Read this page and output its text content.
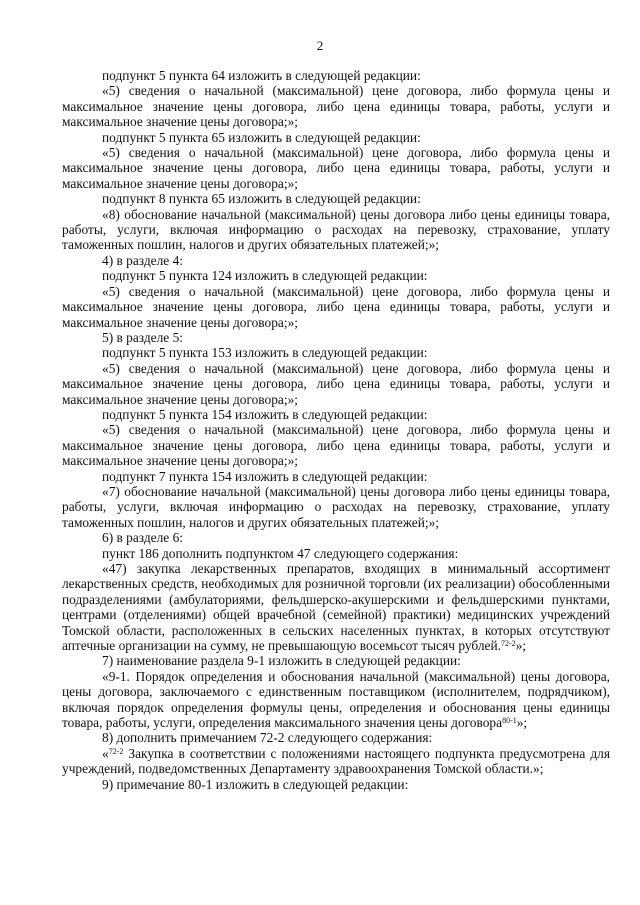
2

подпункт 5 пункта 64 изложить в следующей редакции:

«5) сведения о начальной (максимальной) цене договора, либо формула цены и максимальное значение цены договора, либо цена единицы товара, работы, услуги и максимальное значение цены договора;»;

подпункт 5 пункта 65 изложить в следующей редакции:

«5) сведения о начальной (максимальной) цене договора, либо формула цены и максимальное значение цены договора, либо цена единицы товара, работы, услуги и максимальное значение цены договора;»;

подпункт 8 пункта 65 изложить в следующей редакции:

«8) обоснование начальной (максимальной) цены договора либо цены единицы товара, работы, услуги, включая информацию о расходах на перевозку, страхование, уплату таможенных пошлин, налогов и других обязательных платежей;»;

4) в разделе 4:

подпункт 5 пункта 124 изложить в следующей редакции:

«5) сведения о начальной (максимальной) цене договора, либо формула цены и максимальное значение цены договора, либо цена единицы товара, работы, услуги и максимальное значение цены договора;»;

5) в разделе 5:

подпункт 5 пункта 153 изложить в следующей редакции:

«5) сведения о начальной (максимальной) цене договора, либо формула цены и максимальное значение цены договора, либо цена единицы товара, работы, услуги и максимальное значение цены договора;»;

подпункт 5 пункта 154 изложить в следующей редакции:

«5) сведения о начальной (максимальной) цене договора, либо формула цены и максимальное значение цены договора, либо цена единицы товара, работы, услуги и максимальное значение цены договора;»;

подпункт 7 пункта 154 изложить в следующей редакции:

«7) обоснование начальной (максимальной) цены договора либо цены единицы товара, работы, услуги, включая информацию о расходах на перевозку, страхование, уплату таможенных пошлин, налогов и других обязательных платежей;»;

6) в разделе 6:

пункт 186 дополнить подпунктом 47 следующего содержания:

«47) закупка лекарственных препаратов, входящих в минимальный ассортимент лекарственных средств, необходимых для розничной торговли (их реализации) обособленными подразделениями (амбулаториями, фельдшерско-акушерскими и фельдшерскими пунктами, центрами (отделениями) общей врачебной (семейной) практики) медицинских учреждений Томской области, расположенных в сельских населенных пунктах, в которых отсутствуют аптечные организации на сумму, не превышающую восемьсот тысяч рублей.$^{72-2}$»;

7) наименование раздела 9-1 изложить в следующей редакции:

«9-1. Порядок определения и обоснования начальной (максимальной) цены договора, цены договора, заключаемого с единственным поставщиком (исполнителем, подрядчиком), включая порядок определения формулы цены, определения и обоснования цены единицы товара, работы, услуги, определения максимального значения цены договора$^{80-1}$»;

8) дополнить примечанием 72-2 следующего содержания:

«$^{72-2}$ Закупка в соответствии с положениями настоящего подпункта предусмотрена для учреждений, подведомственных Департаменту здравоохранения Томской области.»;

9) примечание 80-1 изложить в следующей редакции:
